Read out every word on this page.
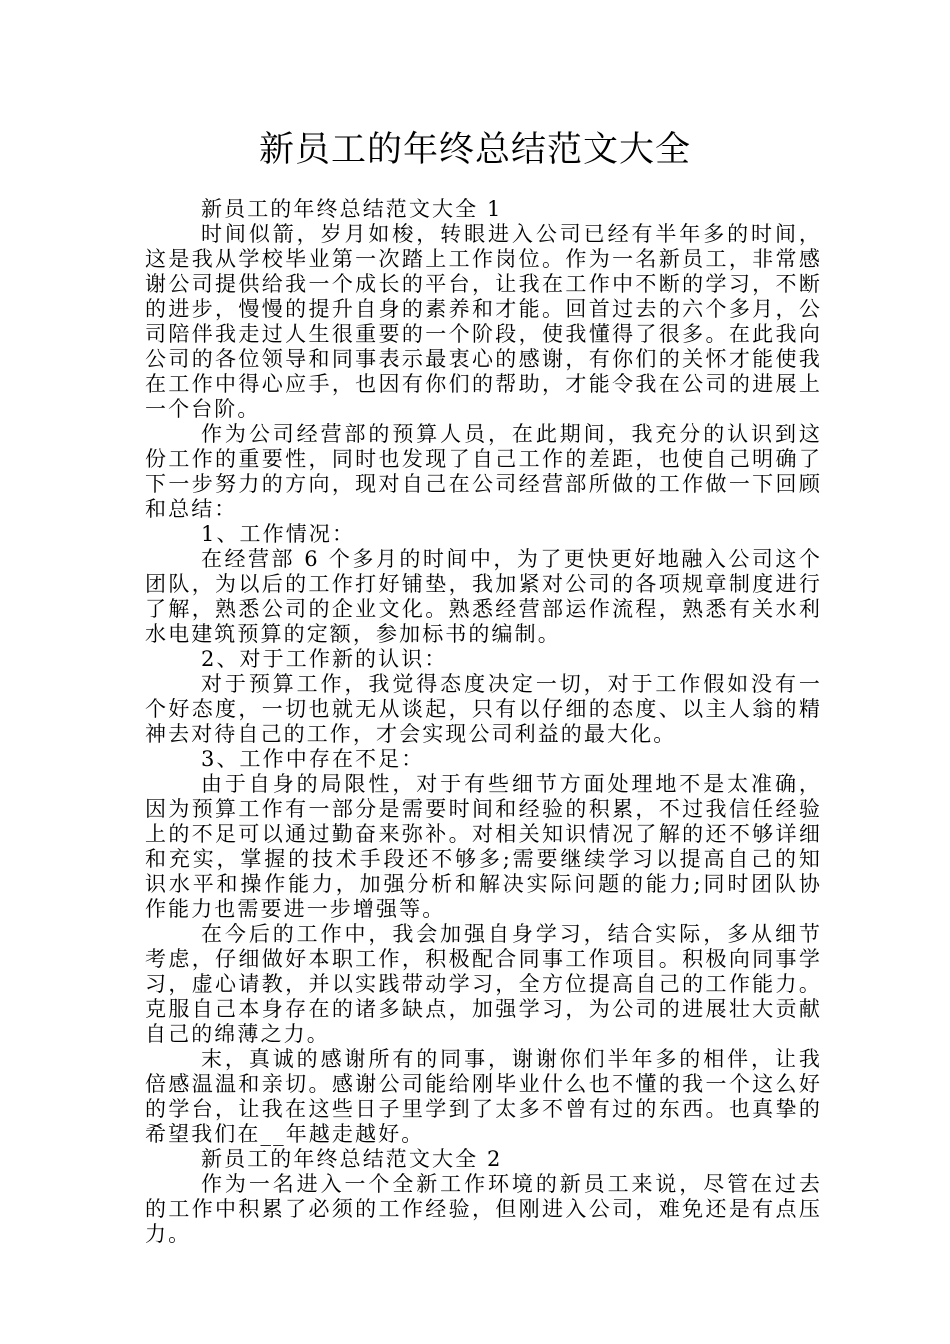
新员工的年终总结范文大全

新员工的年终总结范文大全 1

时间似箭，岁月如梭，转眼进入公司已经有半年多的时间，这是我从学校毕业第一次踏上工作岗位。作为一名新员工，非常感谢公司提供给我一个成长的平台，让我在工作中不断的学习，不断的进步，慢慢的提升自身的素养和才能。回首过去的六个多月，公司陪伴我走过人生很重要的一个阶段，使我懂得了很多。在此我向公司的各位领导和同事表示最衷心的感谢，有你们的关怀才能使我在工作中得心应手，也因有你们的帮助，才能令我在公司的进展上一个台阶。

作为公司经营部的预算人员，在此期间，我充分的认识到这份工作的重要性，同时也发现了自己工作的差距，也使自己明确了下一步努力的方向，现对自己在公司经营部所做的工作做一下回顾和总结：

1、工作情况：

在经营部 6 个多月的时间中，为了更快更好地融入公司这个团队，为以后的工作打好铺垫，我加紧对公司的各项规章制度进行了解，熟悉公司的企业文化。熟悉经营部运作流程，熟悉有关水利水电建筑预算的定额，参加标书的编制。

2、对于工作新的认识：

对于预算工作，我觉得态度决定一切，对于工作假如没有一个好态度，一切也就无从谈起，只有以仔细的态度、以主人翁的精神去对待自己的工作，才会实现公司利益的最大化。

3、工作中存在不足：

由于自身的局限性，对于有些细节方面处理地不是太准确，因为预算工作有一部分是需要时间和经验的积累，不过我信任经验上的不足可以通过勤奋来弥补。对相关知识情况了解的还不够详细和充实，掌握的技术手段还不够多;需要继续学习以提高自己的知识水平和操作能力，加强分析和解决实际问题的能力;同时团队协作能力也需要进一步增强等。

在今后的工作中，我会加强自身学习，结合实际，多从细节考虑，仔细做好本职工作，积极配合同事工作项目。积极向同事学习，虚心请教，并以实践带动学习，全方位提高自己的工作能力。克服自己本身存在的诸多缺点，加强学习，为公司的进展壮大贡献自己的绵薄之力。

末，真诚的感谢所有的同事，谢谢你们半年多的相伴，让我倍感温温和亲切。感谢公司能给刚毕业什么也不懂的我一个这么好的学台，让我在这些日子里学到了太多不曾有过的东西。也真挚的希望我们在__年越走越好。

新员工的年终总结范文大全 2

作为一名进入一个全新工作环境的新员工来说，尽管在过去的工作中积累了必须的工作经验，但刚进入公司，难免还是有点压力。
